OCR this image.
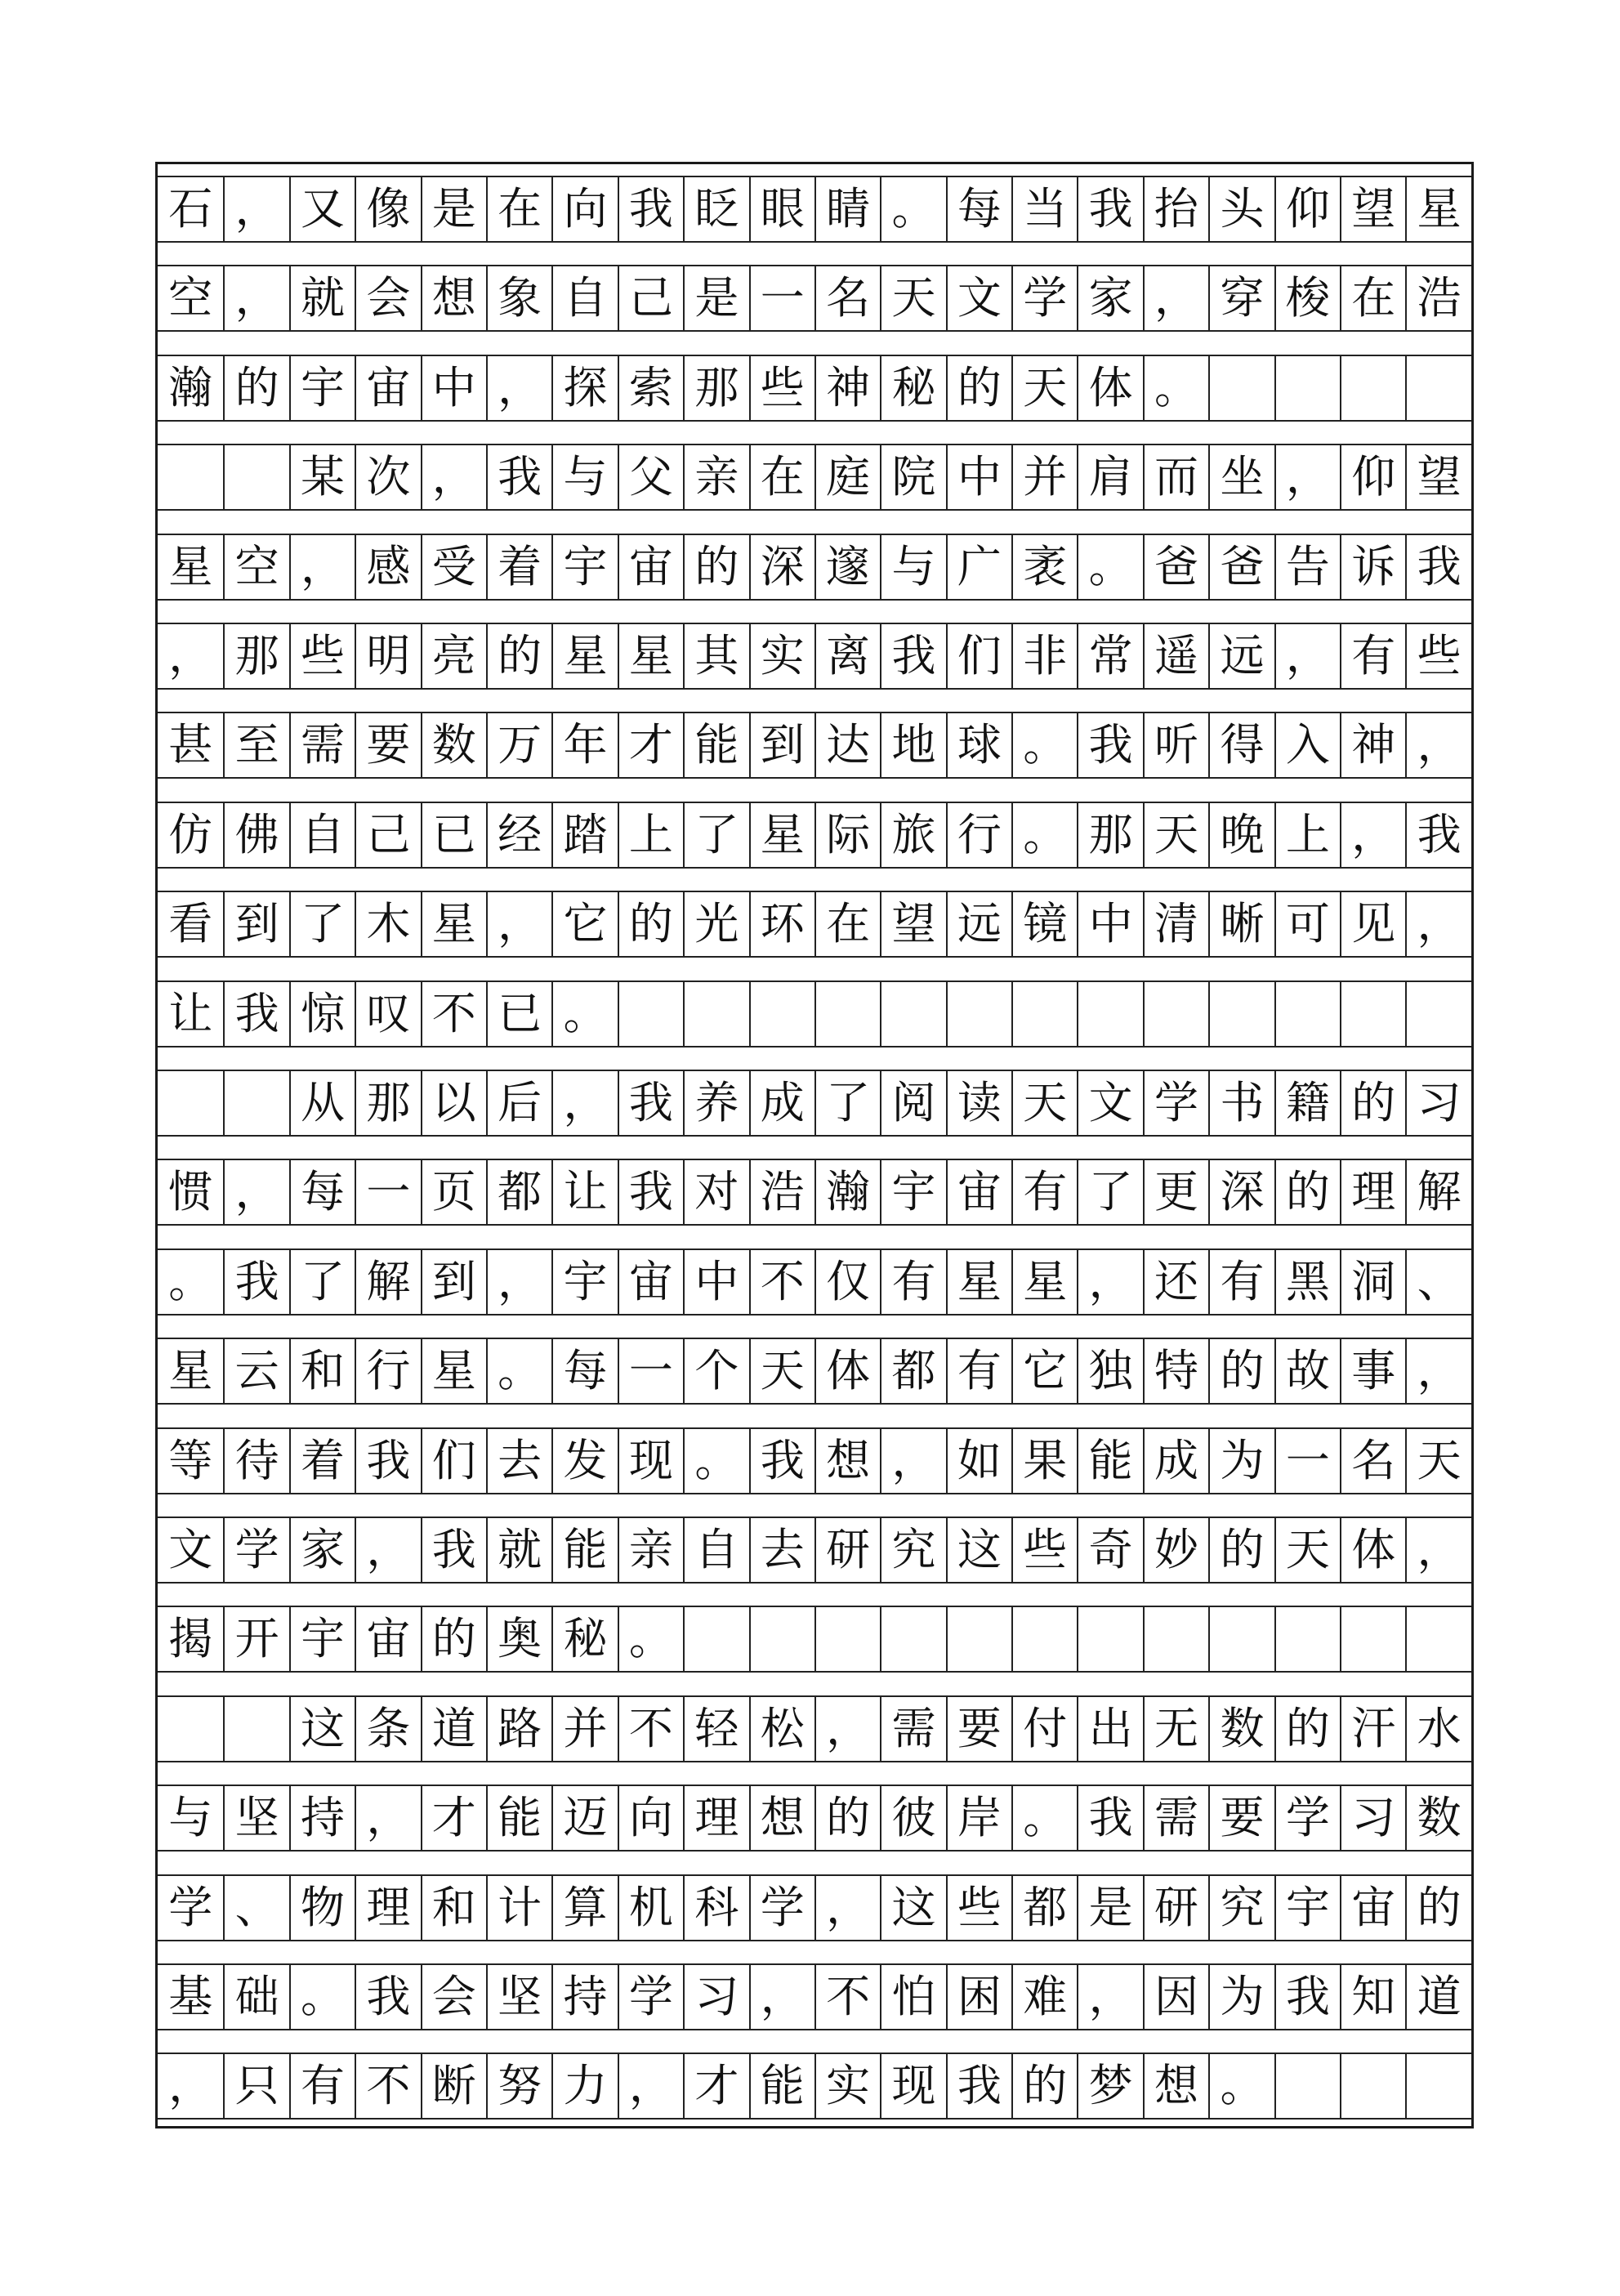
石 ， 又 像 是 在 向 我 眨 眼 睛 。 每 当 我 抬 头 仰 望 星
空 ， 就 会 想 象 自 己 是 一 名 天 文 学 家 ， 穿 梭 在 浩
瀚 的 宇 宙 中 ， 探 索 那 些 神 秘 的 天 体 。
某 次 ， 我 与 父 亲 在 庭 院 中 并 肩 而 坐 ， 仰 望
星 空 ， 感 受 着 宇 宙 的 深 邃 与 广 袤 。 爸 爸 告 诉 我
， 那 些 明 亮 的 星 星 其 实 离 我 们 非 常 遥 远 ， 有 些
甚 至 需 要 数 万 年 才 能 到 达 地 球 。 我 听 得 入 神 ，
仿 佛 自 己 已 经 踏 上 了 星 际 旅 行 。 那 天 晚 上 ， 我
看 到 了 木 星 ， 它 的 光 环 在 望 远 镜 中 清 晰 可 见 ，
让 我 惊 叹 不 已 。
从 那 以 后 ， 我 养 成 了 阅 读 天 文 学 书 籍 的 习
惯 ， 每 一 页 都 让 我 对 浩 瀚 宇 宙 有 了 更 深 的 理 解
。 我 了 解 到 ， 宇 宙 中 不 仅 有 星 星 ， 还 有 黑 洞 、
星 云 和 行 星 。 每 一 个 天 体 都 有 它 独 特 的 故 事 ，
等 待 着 我 们 去 发 现 。 我 想 ， 如 果 能 成 为 一 名 天
文 学 家 ， 我 就 能 亲 自 去 研 究 这 些 奇 妙 的 天 体 ，
揭 开 宇 宙 的 奥 秘 。
这 条 道 路 并 不 轻 松 ， 需 要 付 出 无 数 的 汗 水
与 坚 持 ， 才 能 迈 向 理 想 的 彼 岸 。 我 需 要 学 习 数
学 、 物 理 和 计 算 机 科 学 ， 这 些 都 是 研 究 宇 宙 的
基 础 。 我 会 坚 持 学 习 ， 不 怕 困 难 ， 因 为 我 知 道
， 只 有 不 断 努 力 ， 才 能 实 现 我 的 梦 想 。
